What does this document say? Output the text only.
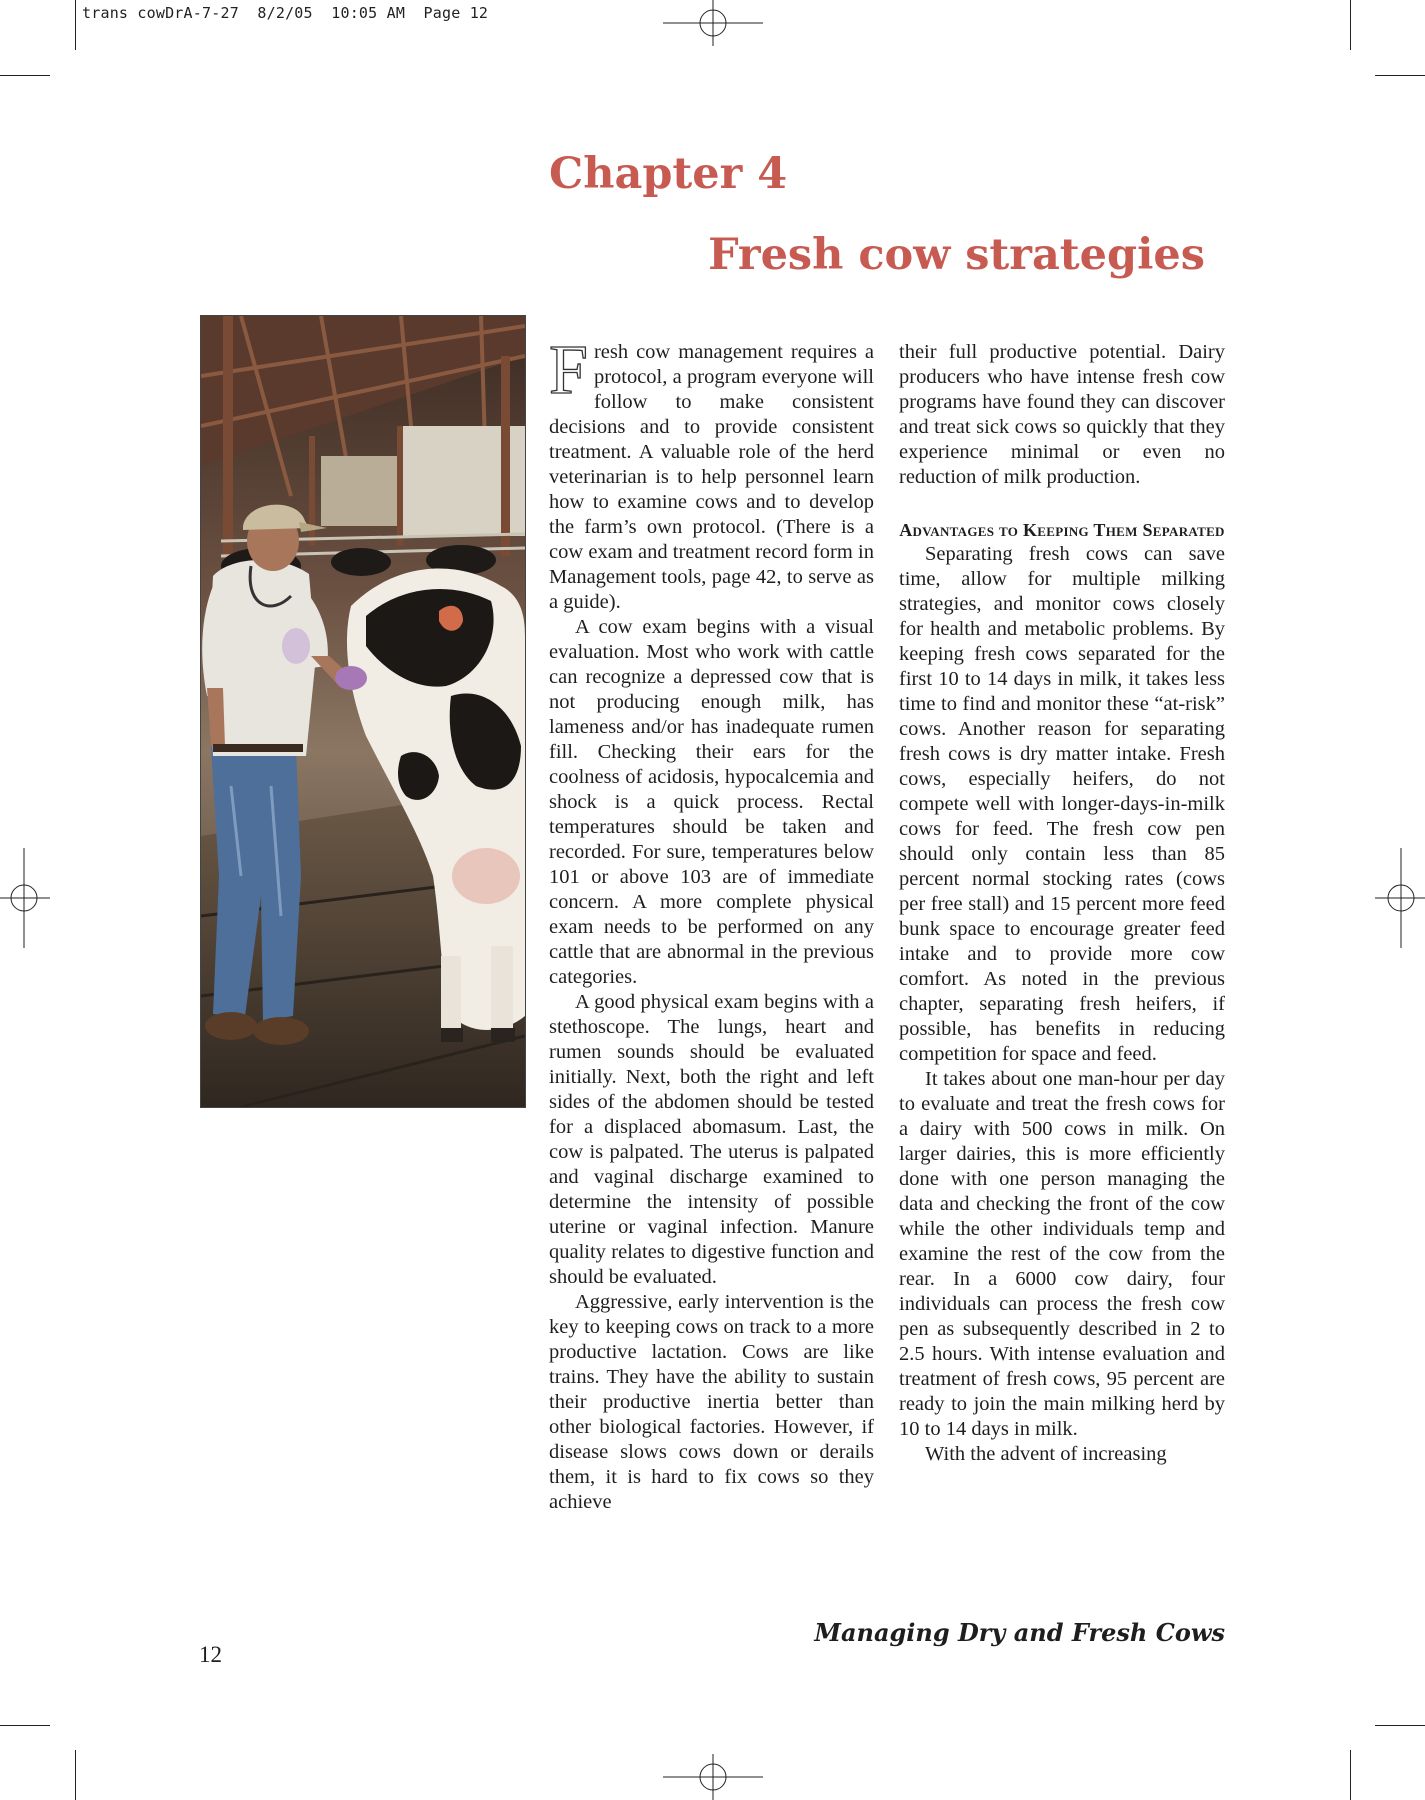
trans cowDrA-7-27  8/2/05  10:05 AM  Page 12
Chapter 4
Fresh cow strategies

Fresh cow management requires a protocol, a program everyone will follow to make consistent decisions and to provide consistent treatment. A valuable role of the herd veterinarian is to help personnel learn how to examine cows and to develop the farm’s own protocol. (There is a cow exam and treatment record form in Management tools, page 42, to serve as a guide).

A cow exam begins with a visual evaluation. Most who work with cattle can recognize a depressed cow that is not producing enough milk, has lameness and/or has inadequate rumen fill. Checking their ears for the coolness of acidosis, hypocalcemia and shock is a quick process. Rectal temperatures should be taken and recorded. For sure, temperatures below 101 or above 103 are of immediate concern. A more complete physical exam needs to be performed on any cattle that are abnormal in the previous categories.

A good physical exam begins with a stethoscope. The lungs, heart and rumen sounds should be evaluated initially. Next, both the right and left sides of the abdomen should be tested for a displaced abomasum. Last, the cow is palpated. The uterus is palpated and vaginal discharge examined to determine the intensity of possible uterine or vaginal infection. Manure quality relates to digestive function and should be evaluated.

Aggressive, early intervention is the key to keeping cows on track to a more productive lactation. Cows are like trains. They have the ability to sustain their productive inertia better than other biological factories. However, if disease slows cows down or derails them, it is hard to fix cows so they achieve

their full productive potential. Dairy producers who have intense fresh cow programs have found they can discover and treat sick cows so quickly that they experience minimal or even no reduction of milk production.

Advantages to Keeping Them Separated

Separating fresh cows can save time, allow for multiple milking strategies, and monitor cows closely for health and metabolic problems. By keeping fresh cows separated for the first 10 to 14 days in milk, it takes less time to find and monitor these “at-risk” cows. Another reason for separating fresh cows is dry matter intake. Fresh cows, especially heifers, do not compete well with longer-days-in-milk cows for feed. The fresh cow pen should only contain less than 85 percent normal stocking rates (cows per free stall) and 15 percent more feed bunk space to encourage greater feed intake and to provide more cow comfort. As noted in the previous chapter, separating fresh heifers, if possible, has benefits in reducing competition for space and feed.

It takes about one man-hour per day to evaluate and treat the fresh cows for a dairy with 500 cows in milk. On larger dairies, this is more efficiently done with one person managing the data and checking the front of the cow while the other individuals temp and examine the rest of the cow from the rear. In a 6000 cow dairy, four individuals can process the fresh cow pen as subsequently described in 2 to 2.5 hours. With intense evaluation and treatment of fresh cows, 95 percent are ready to join the main milking herd by 10 to 14 days in milk.

With the advent of increasing

Managing Dry and Fresh Cows
12
